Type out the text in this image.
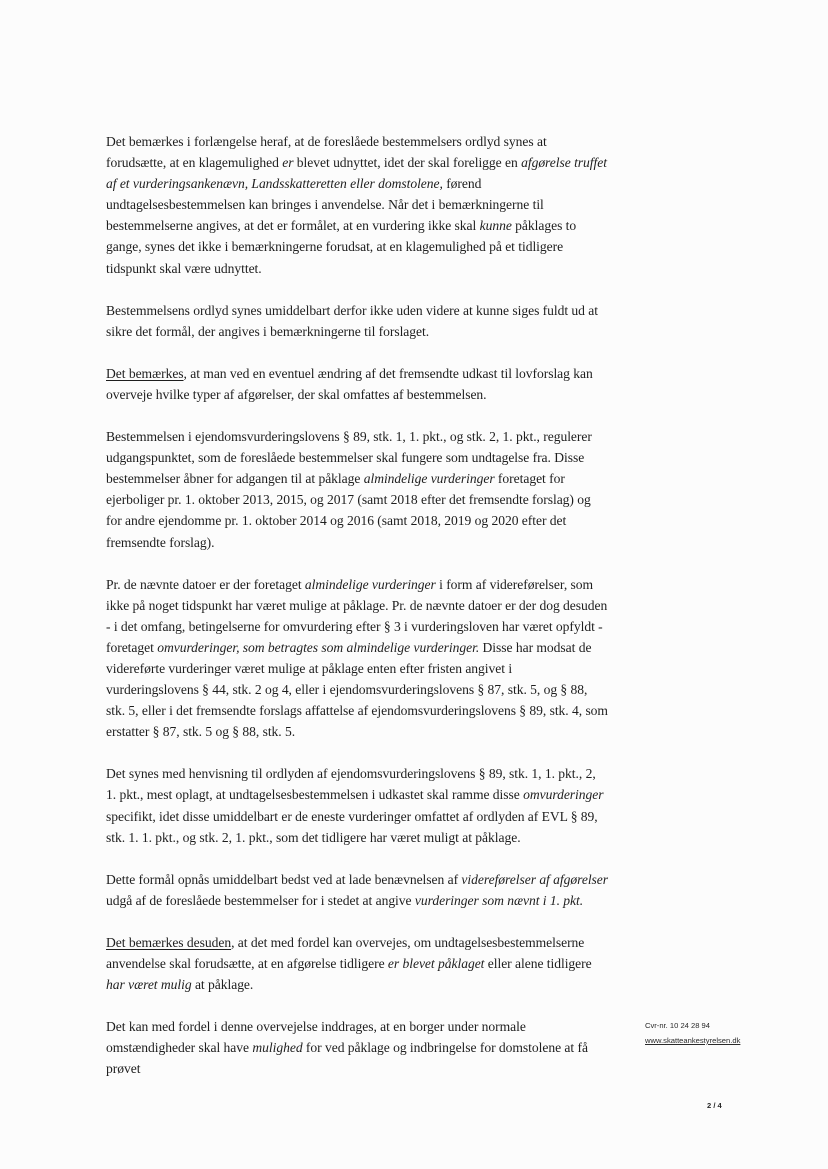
Det bemærkes i forlængelse heraf, at de foreslåede bestemmelsers ordlyd synes at forudsætte, at en klagemulighed er blevet udnyttet, idet der skal foreligge en afgørelse truffet af et vurderingsankenævn, Landsskatteretten eller domstolene, førend undtagelsesbestemmelsen kan bringes i anvendelse. Når det i bemærkningerne til bestemmelserne angives, at det er formålet, at en vurdering ikke skal kunne påklages to gange, synes det ikke i bemærkningerne forudsat, at en klagemulighed på et tidligere tidspunkt skal være udnyttet.

Bestemmelsens ordlyd synes umiddelbart derfor ikke uden videre at kunne siges fuldt ud at sikre det formål, der angives i bemærkningerne til forslaget.

Det bemærkes, at man ved en eventuel ændring af det fremsendte udkast til lovforslag kan overveje hvilke typer af afgørelser, der skal omfattes af bestemmelsen.

Bestemmelsen i ejendomsvurderingslovens § 89, stk. 1, 1. pkt., og stk. 2, 1. pkt., regulerer udgangspunktet, som de foreslåede bestemmelser skal fungere som undtagelse fra. Disse bestemmelser åbner for adgangen til at påklage almindelige vurderinger foretaget for ejerboliger pr. 1. oktober 2013, 2015, og 2017 (samt 2018 efter det fremsendte forslag) og for andre ejendomme pr. 1. oktober 2014 og 2016 (samt 2018, 2019 og 2020 efter det fremsendte forslag).

Pr. de nævnte datoer er der foretaget almindelige vurderinger i form af videreførelser, som ikke på noget tidspunkt har været mulige at påklage. Pr. de nævnte datoer er der dog desuden - i det omfang, betingelserne for omvurdering efter § 3 i vurderingsloven har været opfyldt - foretaget omvurderinger, som betragtes som almindelige vurderinger. Disse har modsat de videreførte vurderinger været mulige at påklage enten efter fristen angivet i vurderingslovens § 44, stk. 2 og 4, eller i ejendomsvurderingslovens § 87, stk. 5, og § 88, stk. 5, eller i det fremsendte forslags affattelse af ejendomsvurderingslovens § 89, stk. 4, som erstatter § 87, stk. 5 og § 88, stk. 5.

Det synes med henvisning til ordlyden af ejendomsvurderingslovens § 89, stk. 1, 1. pkt., 2, 1. pkt., mest oplagt, at undtagelsesbestemmelsen i udkastet skal ramme disse omvurderinger specifikt, idet disse umiddelbart er de eneste vurderinger omfattet af ordlyden af EVL § 89, stk. 1. 1. pkt., og stk. 2, 1. pkt., som det tidligere har været muligt at påklage.

Dette formål opnås umiddelbart bedst ved at lade benævnelsen af videreførelser af afgørelser udgå af de foreslåede bestemmelser for i stedet at angive vurderinger som nævnt i 1. pkt.

Det bemærkes desuden, at det med fordel kan overvejes, om undtagelsesbestemmelserne anvendelse skal forudsætte, at en afgørelse tidligere er blevet påklaget eller alene tidligere har været mulig at påklage.

Det kan med fordel i denne overvejelse inddrages, at en borger under normale omstændigheder skal have mulighed for ved påklage og indbringelse for domstolene at få prøvet

Cvr-nr. 10 24 28 94
www.skatteankestyrelsen.dk
2 / 4
